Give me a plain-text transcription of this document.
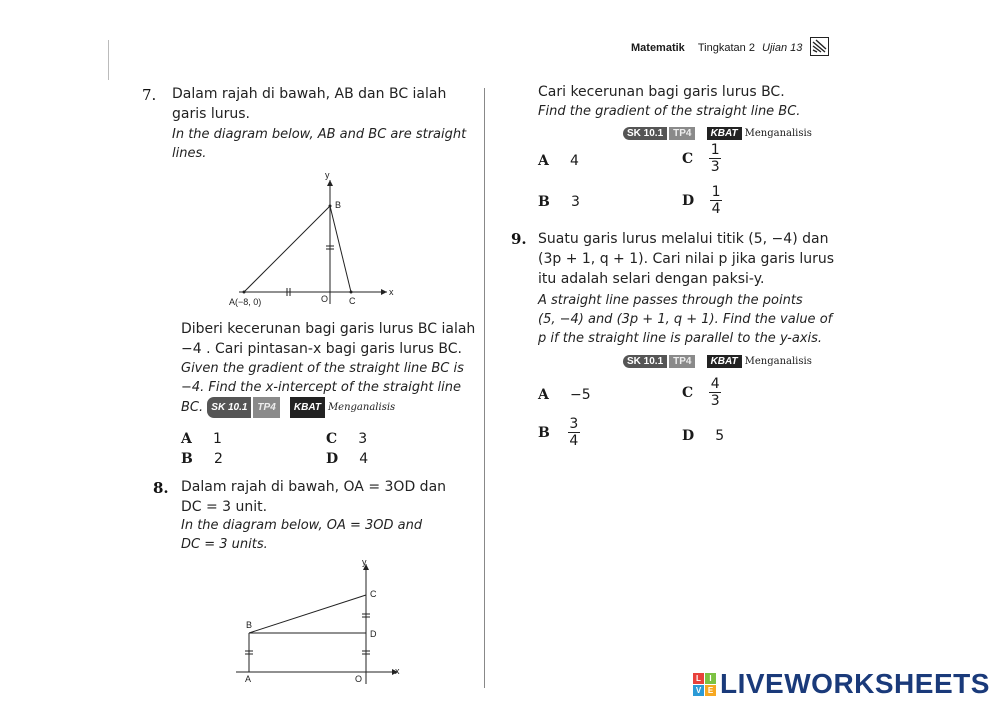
Matematik Tingkatan 2 Ujian 13
7. Dalam rajah di bawah, AB dan BC ialah
garis lurus.
In the diagram below, AB and BC are straight
lines.
y
x
B
A(−8, 0)	O C
Diberi kecerunan bagi garis lurus BC ialah
−4 . Cari pintasan-x bagi garis lurus BC.
Given the gradient of the straight line BC is
−4. Find the x-intercept of the straight line
BC. SK 10.1 TP4 KBAT Menganalisis
A 1
B 2
C 3
D 4
8. Dalam rajah di bawah, OA = 3OD dan
DC = 3 unit.
In the diagram below, OA = 3OD and
DC = 3 units.
y
x
C
D
B
A	O
Cari kecerunan bagi garis lurus BC.
Find the gradient of the straight line BC.
SK 10.1 TP4 KBAT Menganalisis
A 4
B 3
C $\frac{1}{3}$
D $\frac{1}{4}$
9. Suatu garis lurus melalui titik (5, −4) dan
(3p + 1, q + 1). Cari nilai p jika garis lurus
itu adalah selari dengan paksi-y.
A straight line passes through the points
(5, −4) and (3p + 1, q + 1). Find the value of
p if the straight line is parallel to the y-axis.
SK 10.1 TP4 KBAT Menganalisis
A −5
B $\frac{3}{4}$
C $\frac{4}{3}$
D 5
L	I
V E LIVEWORKSHEETS
